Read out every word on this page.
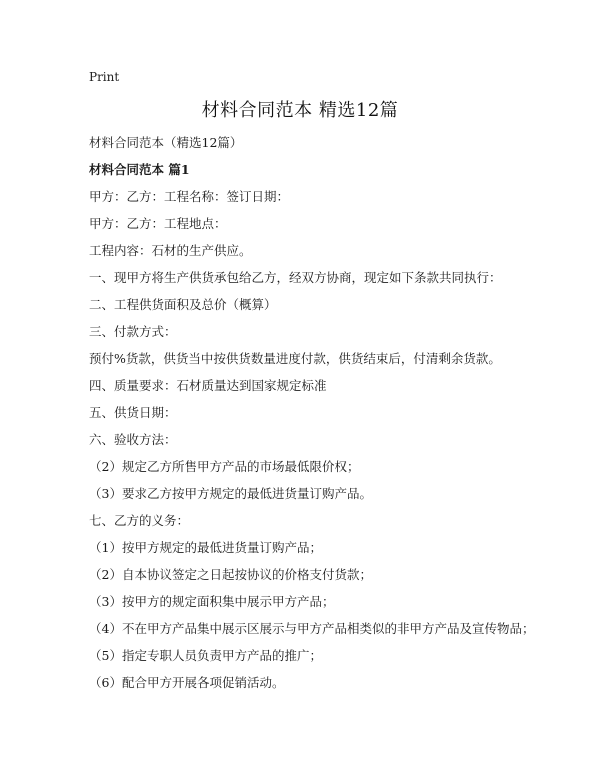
Print
材料合同范本 精选12篇
材料合同范本（精选12篇）
材料合同范本 篇1
甲方：乙方：工程名称：签订日期：
甲方：乙方：工程地点：
工程内容：石材的生产供应。
一、现甲方将生产供货承包给乙方，经双方协商，现定如下条款共同执行：
二、工程供货面积及总价（概算）
三、付款方式：
预付%货款，供货当中按供货数量进度付款，供货结束后，付清剩余货款。
四、质量要求：石材质量达到国家规定标准
五、供货日期：
六、验收方法：
（2）规定乙方所售甲方产品的市场最低限价权；
（3）要求乙方按甲方规定的最低进货量订购产品。
七、乙方的义务：
（1）按甲方规定的最低进货量订购产品；
（2）自本协议签定之日起按协议的价格支付货款；
（3）按甲方的规定面积集中展示甲方产品；
（4）不在甲方产品集中展示区展示与甲方产品相类似的非甲方产品及宣传物品；
（5）指定专职人员负责甲方产品的推广；
（6）配合甲方开展各项促销活动。
